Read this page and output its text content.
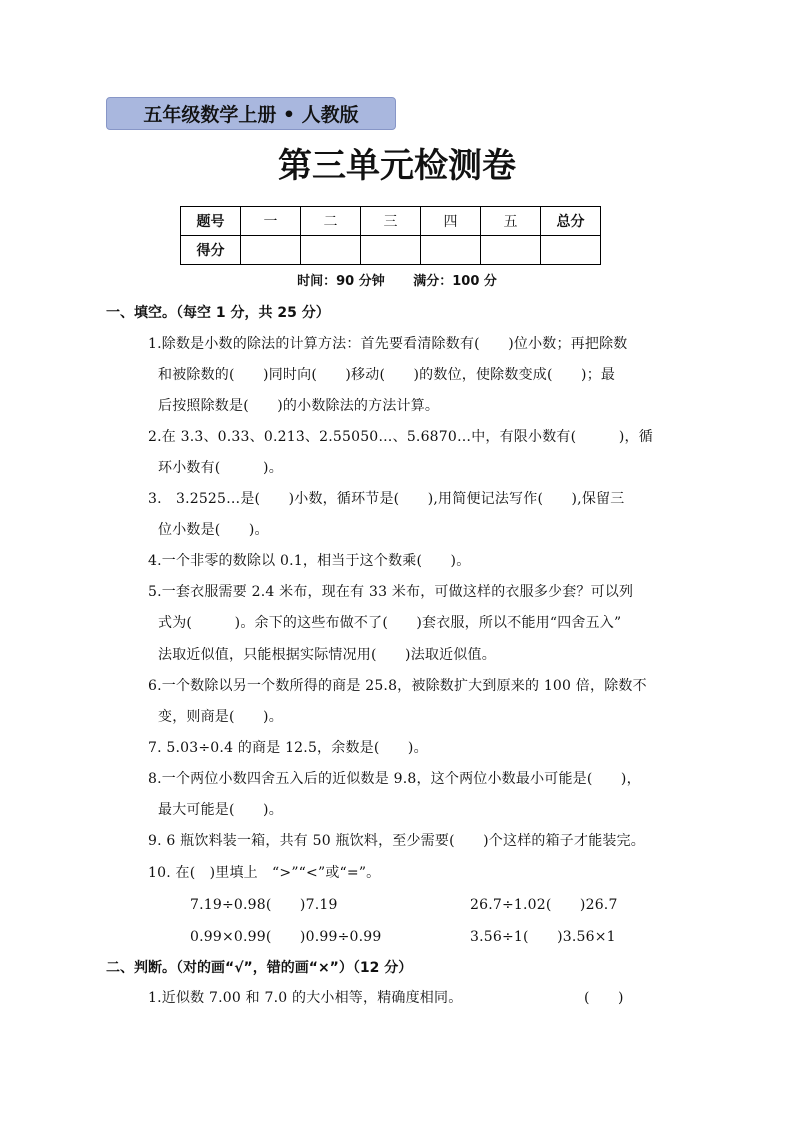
五年级数学上册 • 人教版
第三单元检测卷
题号	一	二	三	四	五	总分
得分						
时间：90 分钟 满分：100 分
一、填空。（每空 1 分，共 25 分）
1.除数是小数的除法的计算方法：首先要看清除数有(　　)位小数；再把除数
和被除数的(　　)同时向(　　)移动(　　)的数位，使除数变成(　　)；最
后按照除数是(　　)的小数除法的方法计算。
2.在 3.3̇、0.33、0.2̇13̇、2.55050…、5.6870…中，有限小数有(　　　)，循
环小数有(　　　)。
3.　3.2525…是(　　)小数，循环节是(　　),用简便记法写作(　　),保留三
位小数是(　　)。
4.一个非零的数除以 0.1，相当于这个数乘(　　)。
5.一套衣服需要 2.4 米布，现在有 33 米布，可做这样的衣服多少套？可以列
式为(　　　)。余下的这些布做不了(　　)套衣服，所以不能用“四舍五入”
法取近似值，只能根据实际情况用(　　)法取近似值。
6.一个数除以另一个数所得的商是 25.8，被除数扩大到原来的 100 倍，除数不
变，则商是(　　)。
7. 5.03÷0.4 的商是 12.5，余数是(　　)。
8.一个两位小数四舍五入后的近似数是 9.8，这个两位小数最小可能是(　　)，
最大可能是(　　)。
9. 6 瓶饮料装一箱，共有 50 瓶饮料，至少需要(　　)个这样的箱子才能装完。
10. 在(　)里填上　“>”“<”或“=”。
7.19÷0.98(　　)7.19	26.7÷1.02(　　)26.7
0.99×0.99(　　)0.99÷0.99	3.56÷1(　　)3.56×1
二、判断。（对的画“√”，错的画“×”）（12 分）
1.近似数 7.00 和 7.0 的大小相等，精确度相同。	(　　)
